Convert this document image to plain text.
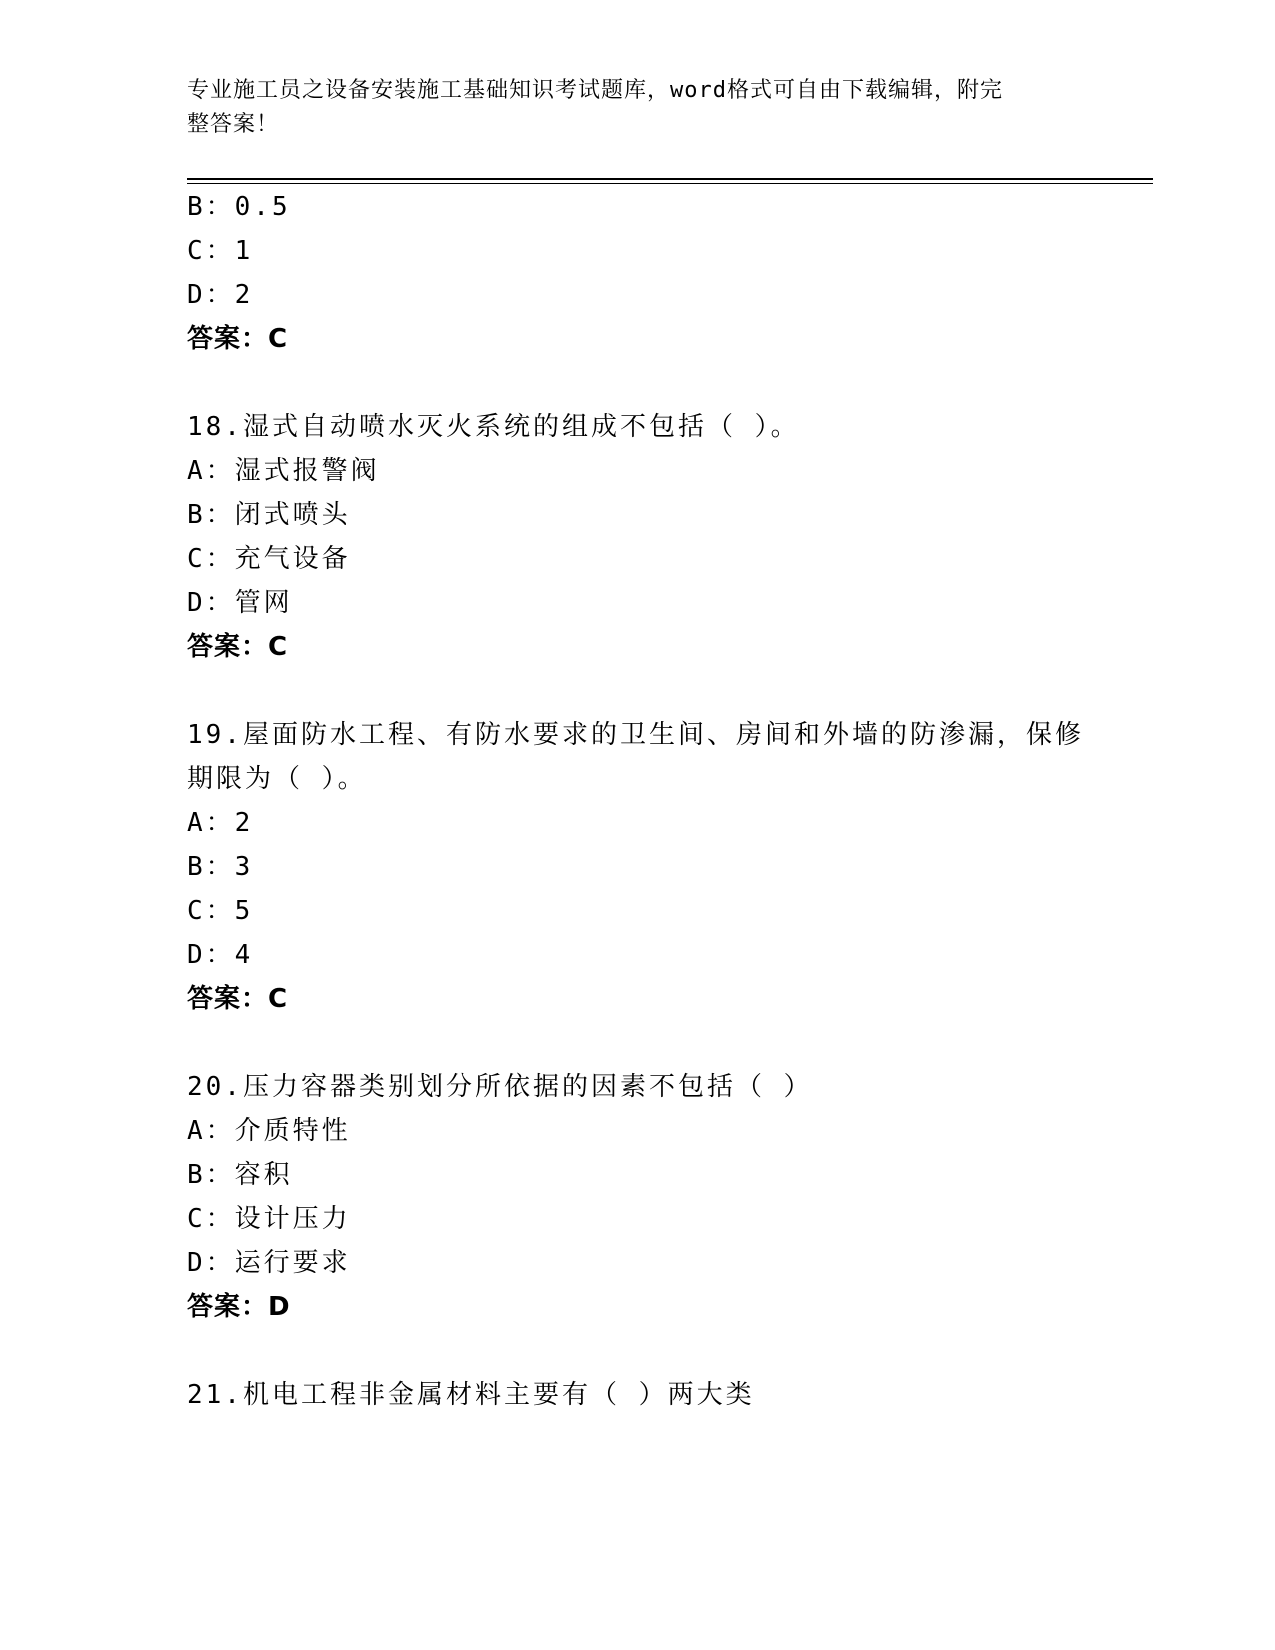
专业施工员之设备安装施工基础知识考试题库，word格式可自由下载编辑，附完
整答案！
B：0.5
C：1
D：2
答案：C
18.湿式自动喷水灭火系统的组成不包括（ ）。
A：湿式报警阀
B：闭式喷头
C：充气设备
D：管网
答案：C
19.屋面防水工程、有防水要求的卫生间、房间和外墙的防渗漏，保修
期限为（ ）。
A：2
B：3
C：5
D：4
答案：C
20.压力容器类别划分所依据的因素不包括（ ）
A：介质特性
B：容积
C：设计压力
D：运行要求
答案：D
21.机电工程非金属材料主要有（ ）两大类
